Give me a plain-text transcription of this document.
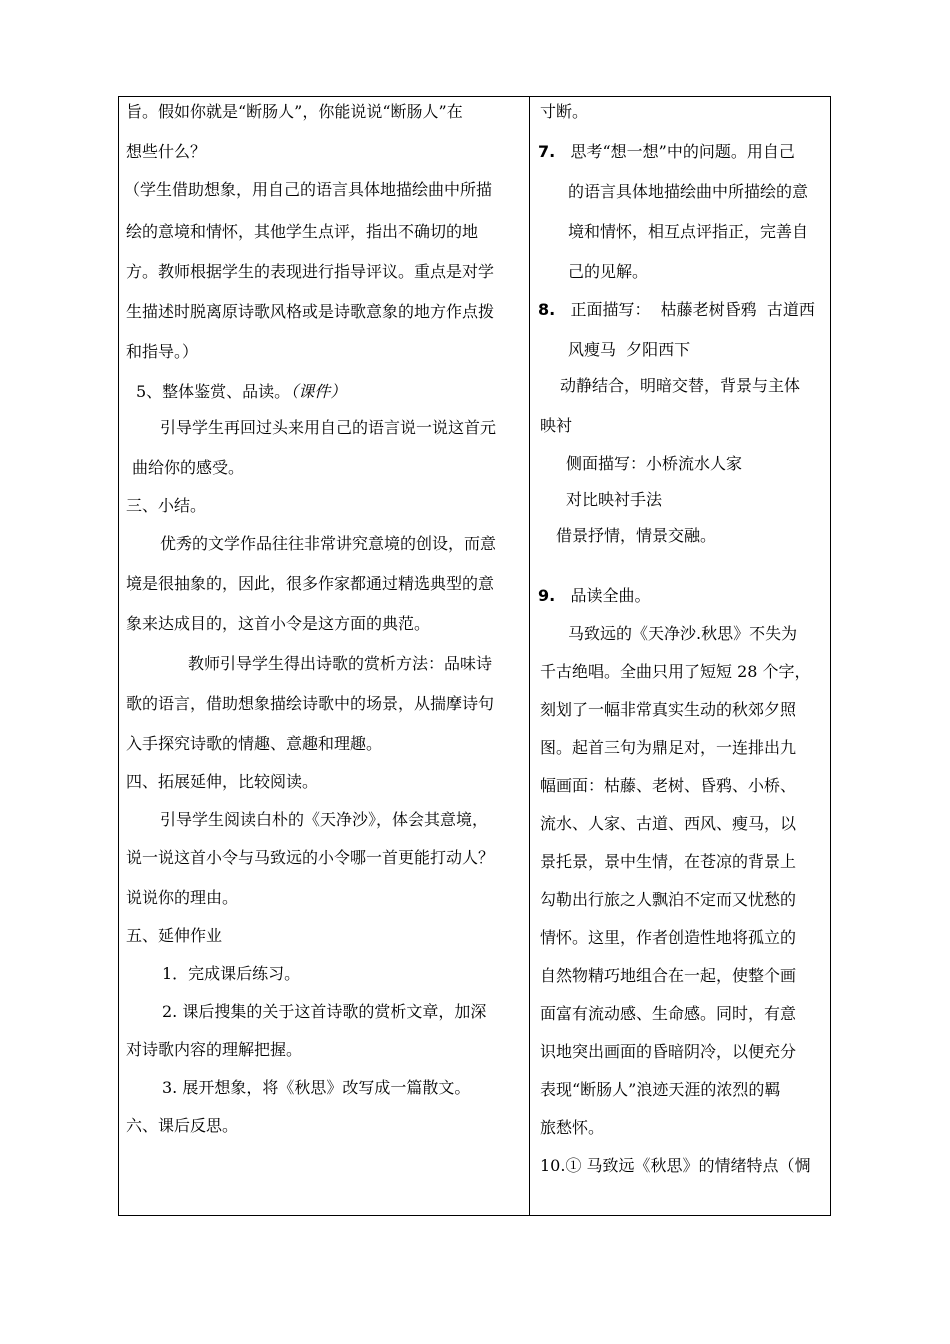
旨。假如你就是“断肠人”，你能说说“断肠人”在
想些什么？
（学生借助想象，用自己的语言具体地描绘曲中所描
绘的意境和情怀，其他学生点评，指出不确切的地
方。教师根据学生的表现进行指导评议。重点是对学
生描述时脱离原诗歌风格或是诗歌意象的地方作点拨
和指导。）
5、整体鉴赏、品读。（课件）
引导学生再回过头来用自己的语言说一说这首元
曲给你的感受。
三、小结。
优秀的文学作品往往非常讲究意境的创设，而意
境是很抽象的，因此，很多作家都通过精选典型的意
象来达成目的，这首小令是这方面的典范。
教师引导学生得出诗歌的赏析方法：品味诗
歌的语言，借助想象描绘诗歌中的场景，从揣摩诗句
入手探究诗歌的情趣、意趣和理趣。
四、拓展延伸，比较阅读。
引导学生阅读白朴的《天净沙》，体会其意境，
说一说这首小令与马致远的小令哪一首更能打动人？
说说你的理由。
五、延伸作业
1．完成课后练习。
2. 课后搜集的关于这首诗歌的赏析文章，加深
对诗歌内容的理解把握。
3. 展开想象，将《秋思》改写成一篇散文。
六、课后反思。
寸断。
7. 思考“想一想”中的问题。用自己
的语言具体地描绘曲中所描绘的意
境和情怀，相互点评指正，完善自
己的见解。
8. 正面描写：  枯藤老树昏鸦  古道西
风瘦马  夕阳西下
动静结合，明暗交替，背景与主体
映衬
侧面描写：小桥流水人家
对比映衬手法
借景抒情，情景交融。
9. 品读全曲。
马致远的《天净沙.秋思》不失为
千古绝唱。全曲只用了短短 28 个字，
刻划了一幅非常真实生动的秋郊夕照
图。起首三句为鼎足对，一连排出九
幅画面：枯藤、老树、昏鸦、小桥、
流水、人家、古道、西风、瘦马，以
景托景，景中生情，在苍凉的背景上
勾勒出行旅之人飘泊不定而又忧愁的
情怀。这里，作者创造性地将孤立的
自然物精巧地组合在一起，使整个画
面富有流动感、生命感。同时，有意
识地突出画面的昏暗阴冷，以便充分
表现“断肠人”浪迹天涯的浓烈的羁
旅愁怀。
10.① 马致远《秋思》的情绪特点（惆
